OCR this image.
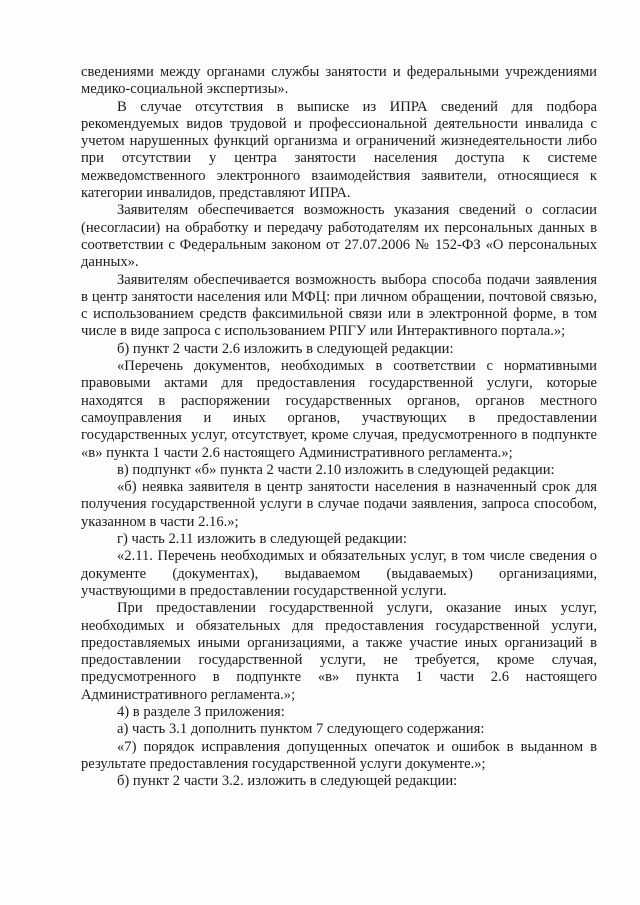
сведениями между органами службы занятости и федеральными учреждениями медико-социальной экспертизы».

В случае отсутствия в выписке из ИПРА сведений для подбора рекомендуемых видов трудовой и профессиональной деятельности инвалида с учетом нарушенных функций организма и ограничений жизнедеятельности либо при отсутствии у центра занятости населения доступа к системе межведомственного электронного взаимодействия заявители, относящиеся к категории инвалидов, представляют ИПРА.

Заявителям обеспечивается возможность указания сведений о согласии (несогласии) на обработку и передачу работодателям их персональных данных в соответствии с Федеральным законом от 27.07.2006 № 152-ФЗ «О персональных данных».

Заявителям обеспечивается возможность выбора способа подачи заявления в центр занятости населения или МФЦ: при личном обращении, почтовой связью, с использованием средств факсимильной связи или в электронной форме, в том числе в виде запроса с использованием РПГУ или Интерактивного портала.»;

б) пункт 2 части 2.6 изложить в следующей редакции:

«Перечень документов, необходимых в соответствии с нормативными правовыми актами для предоставления государственной услуги, которые находятся в распоряжении государственных органов, органов местного самоуправления и иных органов, участвующих в предоставлении государственных услуг, отсутствует, кроме случая, предусмотренного в подпункте «в» пункта 1 части 2.6 настоящего Административного регламента.»;

в) подпункт «б» пункта 2 части 2.10 изложить в следующей редакции:

«б) неявка заявителя в центр занятости населения в назначенный срок для получения государственной услуги в случае подачи заявления, запроса способом, указанном в части 2.16.»;

г) часть 2.11 изложить в следующей редакции:

«2.11. Перечень необходимых и обязательных услуг, в том числе сведения о документе (документах), выдаваемом (выдаваемых) организациями, участвующими в предоставлении государственной услуги.

При предоставлении государственной услуги, оказание иных услуг, необходимых и обязательных для предоставления государственной услуги, предоставляемых иными организациями, а также участие иных организаций в предоставлении государственной услуги, не требуется, кроме случая, предусмотренного в подпункте «в» пункта 1 части 2.6 настоящего Административного регламента.»;

4) в разделе 3 приложения:

а) часть 3.1 дополнить пунктом 7 следующего содержания:

«7) порядок исправления допущенных опечаток и ошибок в выданном в результате предоставления государственной услуги документе.»;

б) пункт 2 части 3.2. изложить в следующей редакции:
